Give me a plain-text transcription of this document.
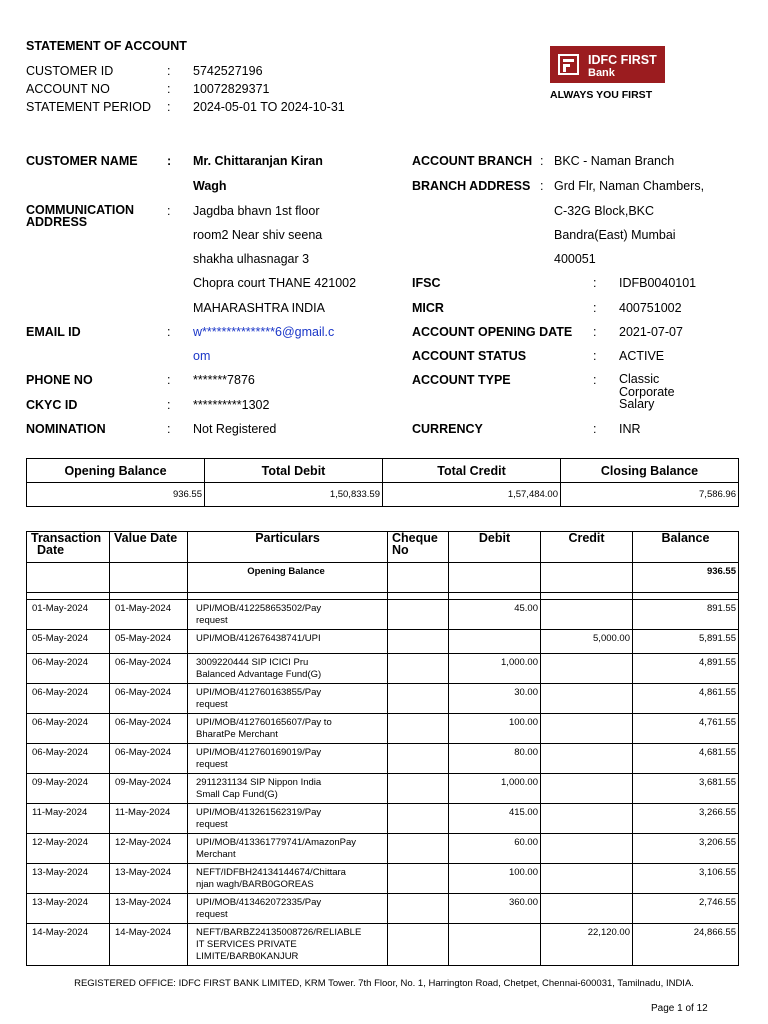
STATEMENT OF ACCOUNT
CUSTOMER ID	: 5742527196
ACCOUNT NO	: 10072829371
STATEMENT PERIOD : 2024-05-01 TO 2024-10-31
IDFC FIRST
Bank
ALWAYS YOU FIRST
CUSTOMER NAME : Mr. Chittaranjan Kiran
Wagh
COMMUNICATION
ADDRESS
: Jagdba bhavn 1st floor
room2 Near shiv seena
shakha ulhasnagar 3
Chopra court THANE 421002
MAHARASHTRA INDIA
EMAIL ID	: w***************6@gmail.c
om
PHONE NO	: *******7876
CKYC ID	: **********1302
NOMINATION	: Not Registered
ACCOUNT BRANCH : BKC - Naman Branch
BRANCH ADDRESS : Grd Flr, Naman Chambers,
C-32G Block,BKC
Bandra(East) Mumbai
400051
IFSC	: IDFB0040101
MICR	: 400751002
ACCOUNT OPENING DATE : 2021-07-07
ACCOUNT STATUS	: ACTIVE
ACCOUNT TYPE	: Classic
Corporate
Salary
CURRENCY	: INR
Opening Balance	Total Debit	Total Credit	Closing Balance
936.55	1,50,833.59	1,57,484.00	7,586.96
Transaction
Date	Value Date	Particulars	Cheque
No	Debit	Credit	Balance
		Opening Balance				936.55

01-May-2024	01-May-2024	UPI/MOB/412258653502/Pay
request		45.00		891.55
05-May-2024	05-May-2024	UPI/MOB/412676438741/UPI			5,000.00	5,891.55
06-May-2024	06-May-2024	3009220444 SIP ICICI Pru
Balanced Advantage Fund(G)		1,000.00		4,891.55
06-May-2024	06-May-2024	UPI/MOB/412760163855/Pay
request		30.00		4,861.55
06-May-2024	06-May-2024	UPI/MOB/412760165607/Pay to
BharatPe Merchant		100.00		4,761.55
06-May-2024	06-May-2024	UPI/MOB/412760169019/Pay
request		80.00		4,681.55
09-May-2024	09-May-2024	2911231134 SIP Nippon India
Small Cap Fund(G)		1,000.00		3,681.55
11-May-2024	11-May-2024	UPI/MOB/413261562319/Pay
request		415.00		3,266.55
12-May-2024	12-May-2024	UPI/MOB/413361779741/AmazonPay
Merchant		60.00		3,206.55
13-May-2024	13-May-2024	NEFT/IDFBH24134144674/Chittara
njan wagh/BARB0GOREAS		100.00		3,106.55
13-May-2024	13-May-2024	UPI/MOB/413462072335/Pay
request		360.00		2,746.55
14-May-2024	14-May-2024	NEFT/BARBZ24135008726/RELIABLE
IT SERVICES PRIVATE
LIMITE/BARB0KANJUR			22,120.00	24,866.55
REGISTERED OFFICE: IDFC FIRST BANK LIMITED, KRM Tower. 7th Floor, No. 1, Harrington Road, Chetpet, Chennai-600031, Tamilnadu, INDIA.
Page 1 of 12
